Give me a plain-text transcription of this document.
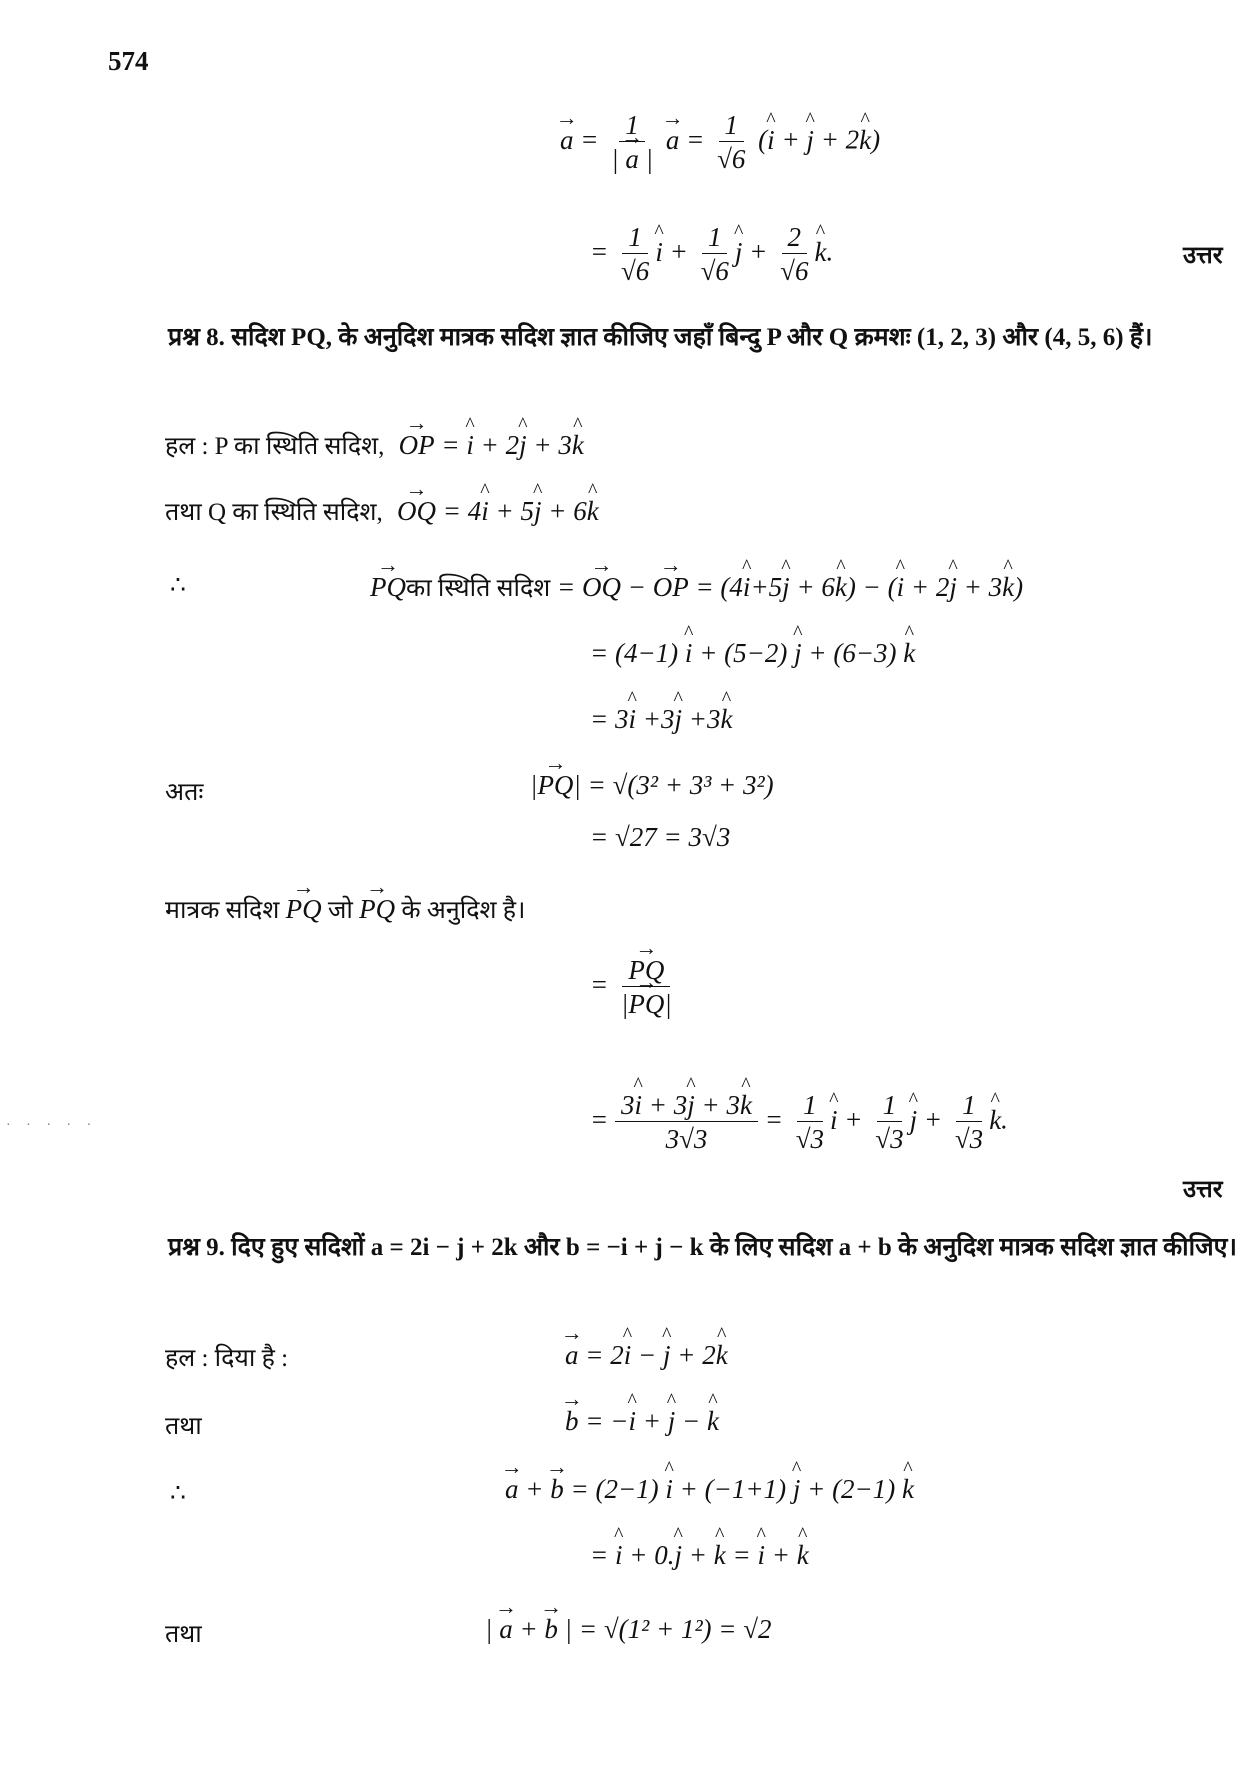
574
→ $a = \frac{1}{| \to a |}$
→ $a = \frac{1}{√6}$ (^ i + ^ j + 2^ k)
= $\frac{1}{√6}$
^ $i + \frac{1}{√6}$
^ $j + \frac{2}{√6}$
^ k.	उत्तर
प्रश्न 8. सदिश PQ, के अनुदिश मात्रक सदिश ज्ञात कीजिए जहाँ बिन्दु P और Q क्रमशः (1, 2, 3) और (4, 5, 6) हैं।
हल : P का स्थिति सदिश, → OP = ^ i + 2^ j + 3^ k
तथा Q का स्थिति सदिश, → OQ = 4^ i + 5^ j + 6^ k
∴
→	PQका स्थिति सदिश = → OQ − → OP = (4^ i+5^ j + 6^ k) − (^ i + 2^ j + 3^ k)
= (4−1) ^ i + (5−2) ^ j + (6−3) ^ k
= 3^ i +3^ j +3^ k
अतः	|→ PQ| = √(3² + 3³ + 3²)
= √27 = 3√3
मात्रक सदिश → PQ जो → PQ के अनुदिश है।
=
→ $\frac{PQ}{|\to PQ|}$
= $\frac{3\^{} i + 3\^{} j + 3\^{} k}{3√3} = \frac{1}{√3}$
^ $i + \frac{1}{√3}$
^ $j + \frac{1}{√3}$
^ k.
उत्तर
· · · · ·
प्रश्न 9. दिए हुए सदिशों a = 2i − j + 2k और b = −i + j − k के लिए सदिश a + b के अनुदिश मात्रक सदिश ज्ञात कीजिए।
हल : दिया है :
→	a = 2^ i − ^ j + 2^ k
तथा
→	b = −^ i + ^ j − ^ k
∴
→	a + → b = (2−1) ^ i + (−1+1) ^ j + (2−1) ^ k
= ^ i + 0.^ j + ^ k = ^ i + ^ k
तथा	| → a + → b | = √(1² + 1²) = √2
